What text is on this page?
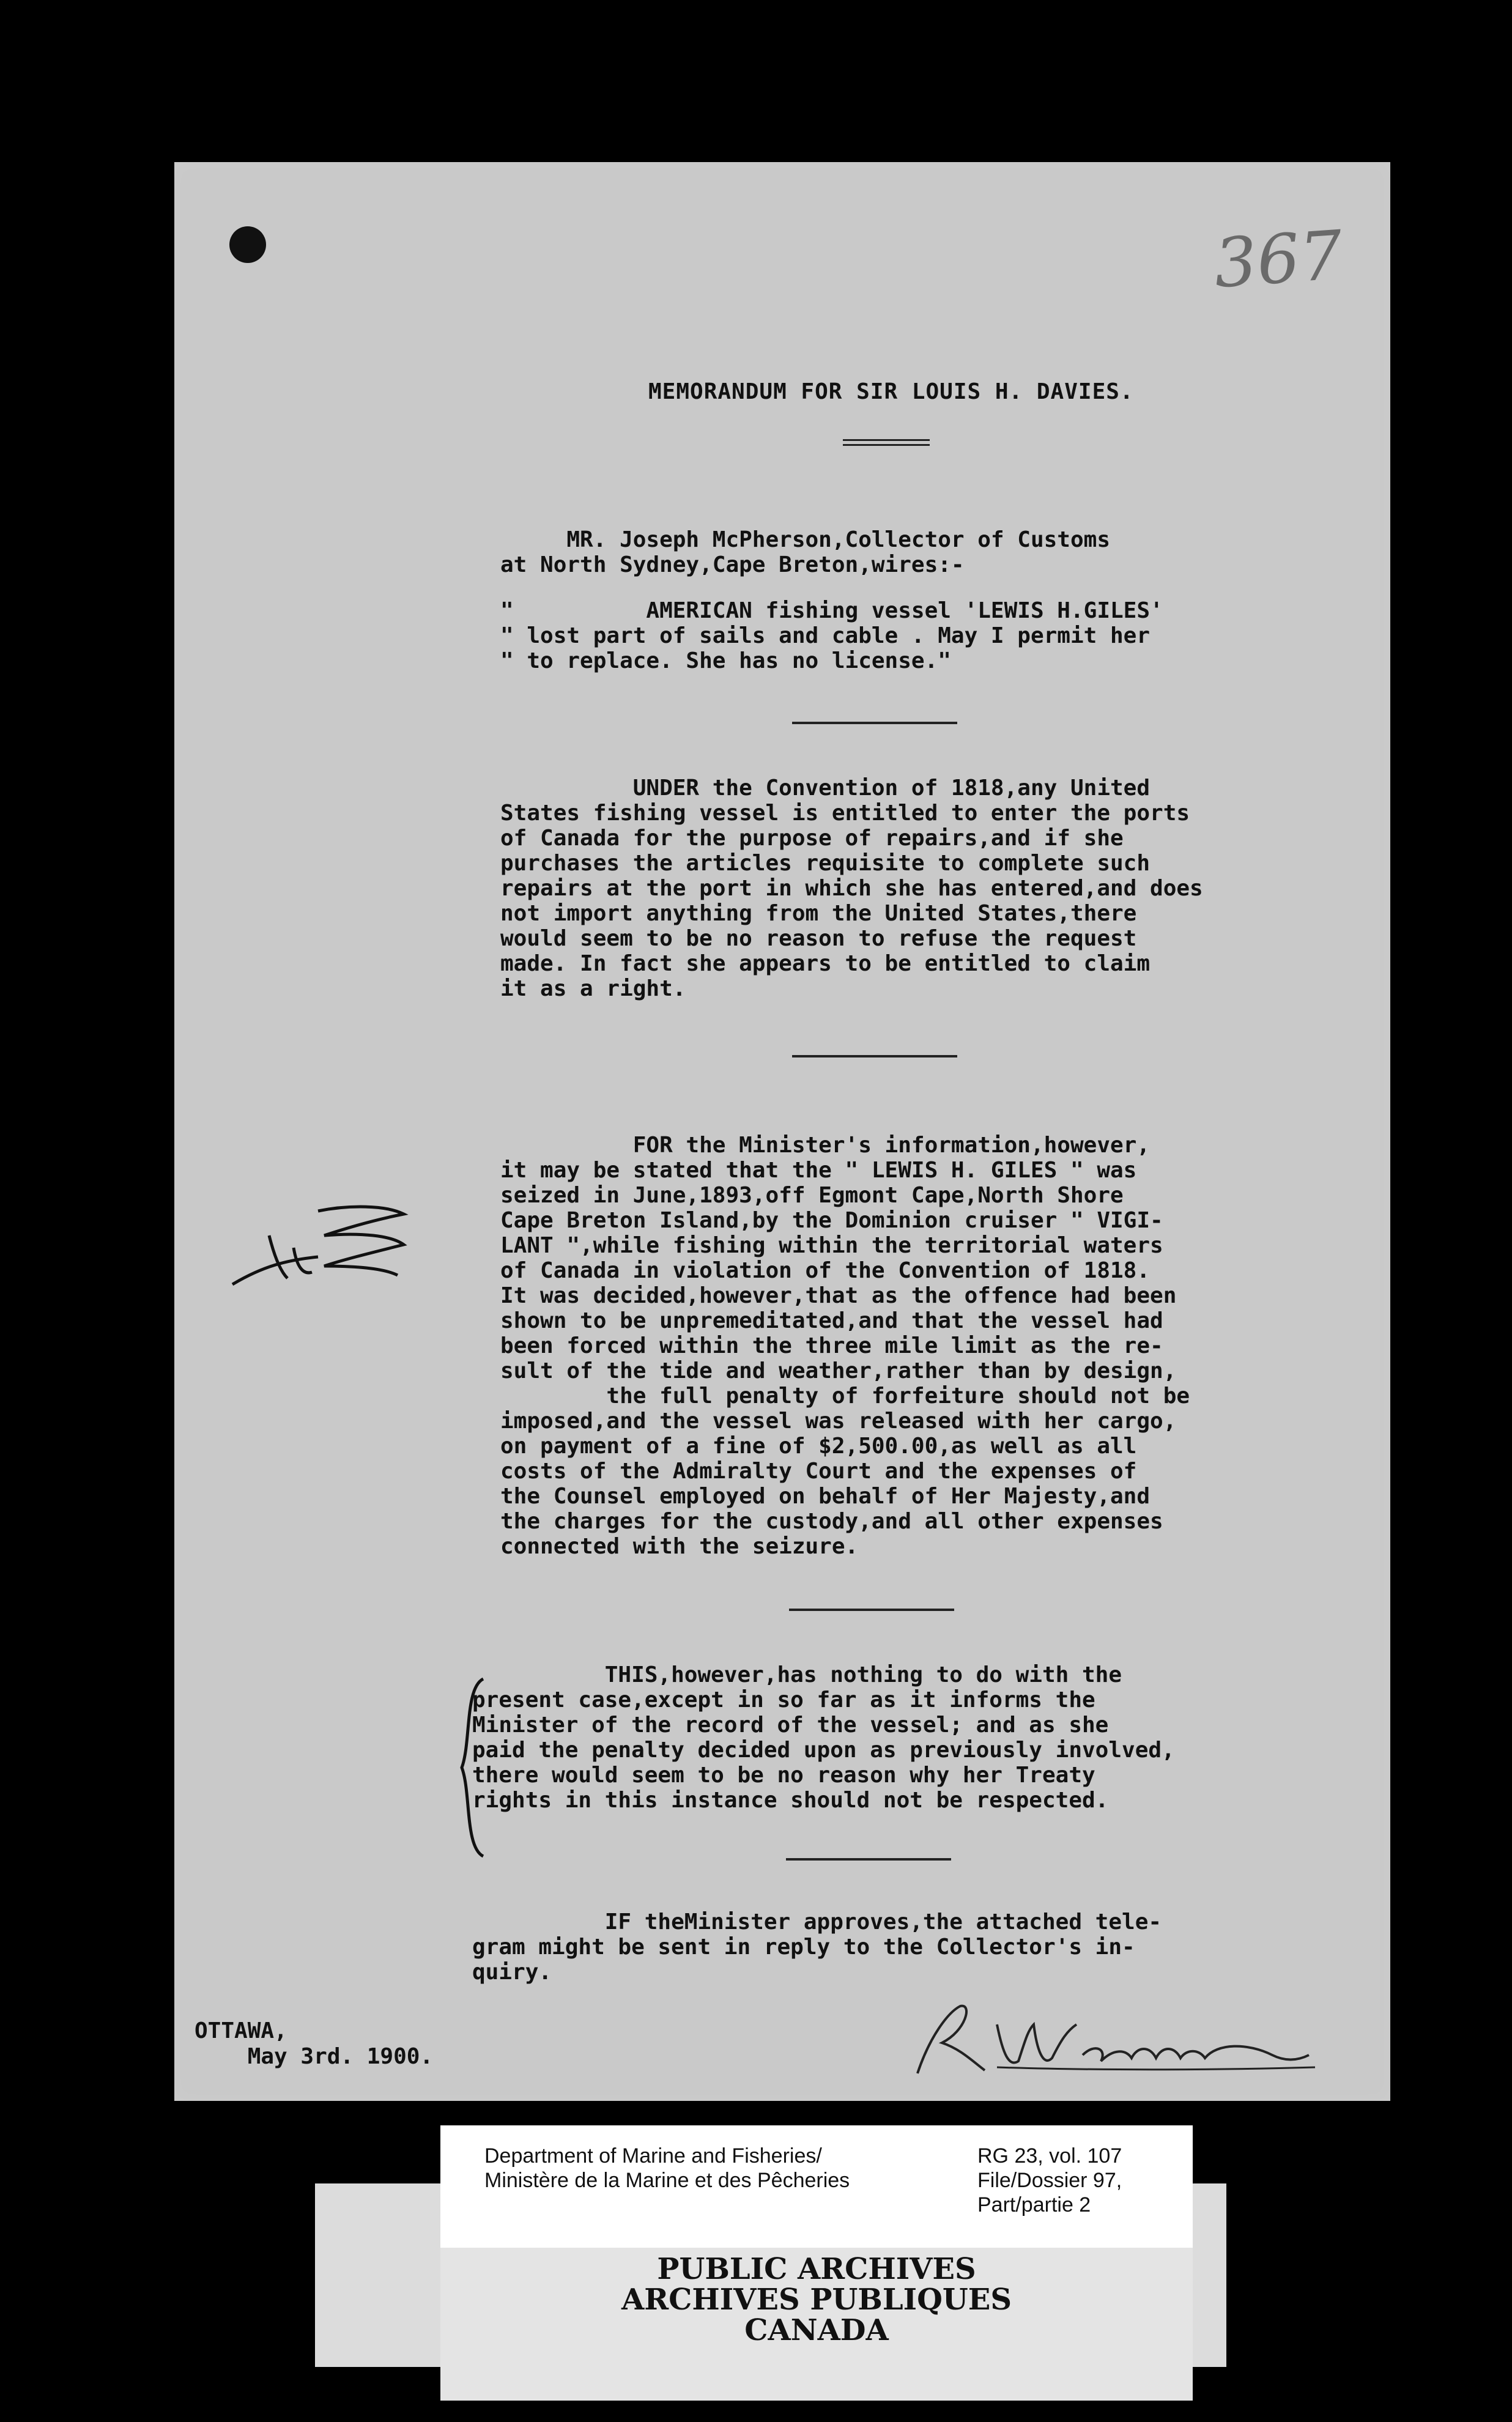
367
MEMORANDUM FOR SIR LOUIS H. DAVIES.
MR. Joseph McPherson,Collector of Customs
at North Sydney,Cape Breton,wires:-
"          AMERICAN fishing vessel 'LEWIS H.GILES'
" lost part of sails and cable . May I permit her
" to replace. She has no license."
UNDER the Convention of 1818,any United
States fishing vessel is entitled to enter the ports
of Canada for the purpose of repairs,and if she
purchases the articles requisite to complete such
repairs at the port in which she has entered,and does
not import anything from the United States,there
would seem to be no reason to refuse the request
made. In fact she appears to be entitled to claim
it as a right.
FOR the Minister's information,however,
it may be stated that the " LEWIS H. GILES " was
seized in June,1893,off Egmont Cape,North Shore
Cape Breton Island,by the Dominion cruiser " VIGI-
LANT ",while fishing within the territorial waters
of Canada in violation of the Convention of 1818.
It was decided,however,that as the offence had been
shown to be unpremeditated,and that the vessel had
been forced within the three mile limit as the re-
sult of the tide and weather,rather than by design,
the full penalty of forfeiture should not be
imposed,and the vessel was released with her cargo,
on payment of a fine of $2,500.00,as well as all
costs of the Admiralty Court and the expenses of
the Counsel employed on behalf of Her Majesty,and
the charges for the custody,and all other expenses
connected with the seizure.
THIS,however,has nothing to do with the
present case,except in so far as it informs the
Minister of the record of the vessel; and as she
paid the penalty decided upon as previously involved,
there would seem to be no reason why her Treaty
rights in this instance should not be respected.
IF theMinister approves,the attached tele-
gram might be sent in reply to the Collector's in-
quiry.
OTTAWA,
May 3rd. 1900.
PUBLIC ARCHIVES
ARCHIVES PUBLIQUES
CANADA
Department of Marine and Fisheries/
Ministère de la Marine et des Pêcheries
RG 23, vol. 107
File/Dossier 97,
Part/partie 2
